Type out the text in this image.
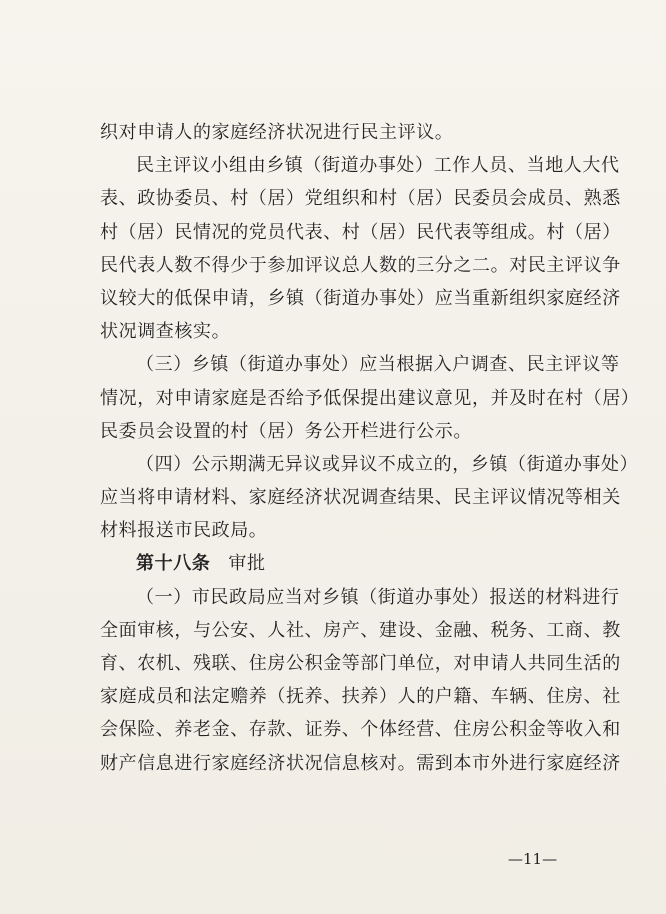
织对申请人的家庭经济状况进行民主评议。
民主评议小组由乡镇（街道办事处）工作人员、当地人大代
表、政协委员、村（居）党组织和村（居）民委员会成员、熟悉
村（居）民情况的党员代表、村（居）民代表等组成。村（居）
民代表人数不得少于参加评议总人数的三分之二。对民主评议争
议较大的低保申请，乡镇（街道办事处）应当重新组织家庭经济
状况调查核实。
（三）乡镇（街道办事处）应当根据入户调查、民主评议等
情况，对申请家庭是否给予低保提出建议意见，并及时在村（居）
民委员会设置的村（居）务公开栏进行公示。
（四）公示期满无异议或异议不成立的，乡镇（街道办事处）
应当将申请材料、家庭经济状况调查结果、民主评议情况等相关
材料报送市民政局。
第十八条 审批
（一）市民政局应当对乡镇（街道办事处）报送的材料进行
全面审核，与公安、人社、房产、建设、金融、税务、工商、教
育、农机、残联、住房公积金等部门单位，对申请人共同生活的
家庭成员和法定赡养（抚养、扶养）人的户籍、车辆、住房、社
会保险、养老金、存款、证券、个体经营、住房公积金等收入和
财产信息进行家庭经济状况信息核对。需到本市外进行家庭经济
—11—
